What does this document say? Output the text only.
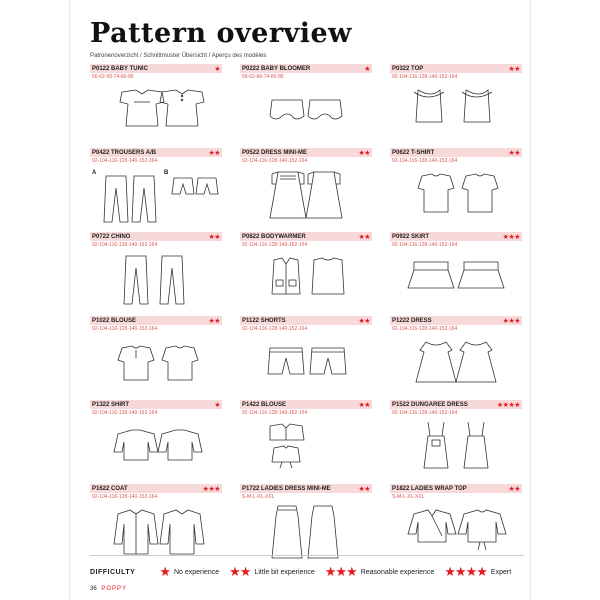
Pattern overview
Patronenoverzicht / Schnittmuster Übersicht / Aperçu des modèles
P0122 BABY TUNIC	★
56-62-68-74-80-86
P0222 BABY BLOOMER	★
56-62-68-74-80-86
P0322 TOP	★★
92-104-116-128-140-152-164
P0422 TROUSERS A/B	★★
92-104-116-128-140-152-164
A	B
P0522 DRESS MINI-ME	★★
92-104-116-128-140-152-164
P0622 T-SHIRT	★★
92-104-116-128-140-152-164
P0722 CHINO	★★
92-104-116-128-140-152-164
P0822 BODYWARMER	★★
92-104-116-128-140-152-164
P0922 SKIRT	★★★
92-104-116-128-140-152-164
P1022 BLOUSE	★★
92-104-116-128-140-152-164
P1122 SHORTS	★★
92-104-116-128-140-152-164
P1222 DRESS	★★★
92-104-116-128-140-152-164
P1322 SHIRT	★
92-104-116-128-140-152-164
P1422 BLOUSE	★★
92-104-116-128-140-152-164
P1522 DUNGAREE DRESS	★★★★
92-104-116-128-140-152-164
P1622 COAT	★★★
92-104-116-128-140-152-164
P1722 LADIES DRESS MINI-ME	★★
S-M-L-XL-XXL
P1822 LADIES WRAP TOP	★★
S-M-L-XL-XXL
DIFFICULTY ★ No experience ★★ Little bit experience ★★★ Reasonable experience ★★★★ Expert
36 POPPY
